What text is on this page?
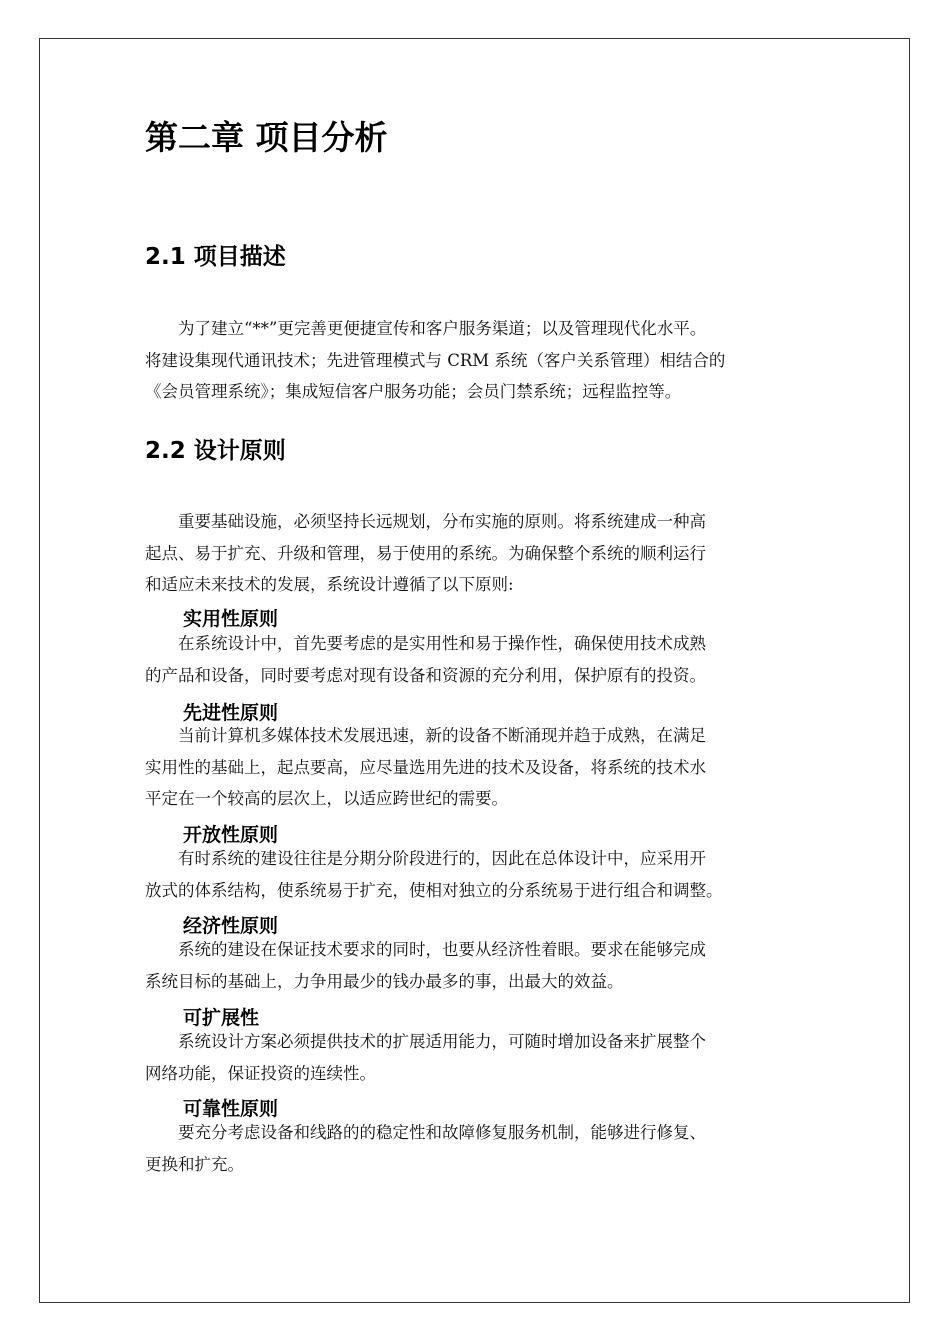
第二章 项目分析
2.1 项目描述

为了建立“**”更完善更便捷宣传和客户服务渠道；以及管理现代化水平。
将建设集现代通讯技术；先进管理模式与 CRM 系统（客户关系管理）相结合的
《会员管理系统》；集成短信客户服务功能；会员门禁系统；远程监控等。

2.2 设计原则

重要基础设施，必须坚持长远规划，分布实施的原则。将系统建成一种高
起点、易于扩充、升级和管理，易于使用的系统。为确保整个系统的顺利运行
和适应未来技术的发展，系统设计遵循了以下原则:

实用性原则

在系统设计中，首先要考虑的是实用性和易于操作性，确保使用技术成熟
的产品和设备，同时要考虑对现有设备和资源的充分利用，保护原有的投资。

先进性原则

当前计算机多媒体技术发展迅速，新的设备不断涌现并趋于成熟，在满足
实用性的基础上，起点要高，应尽量选用先进的技术及设备，将系统的技术水
平定在一个较高的层次上，以适应跨世纪的需要。

开放性原则

有时系统的建设往往是分期分阶段进行的，因此在总体设计中，应采用开
放式的体系结构，使系统易于扩充，使相对独立的分系统易于进行组合和调整。

经济性原则

系统的建设在保证技术要求的同时，也要从经济性着眼。要求在能够完成
系统目标的基础上，力争用最少的钱办最多的事，出最大的效益。

可扩展性

系统设计方案必须提供技术的扩展适用能力，可随时增加设备来扩展整个
网络功能，保证投资的连续性。

可靠性原则

要充分考虑设备和线路的的稳定性和故障修复服务机制，能够进行修复、
更换和扩充。
